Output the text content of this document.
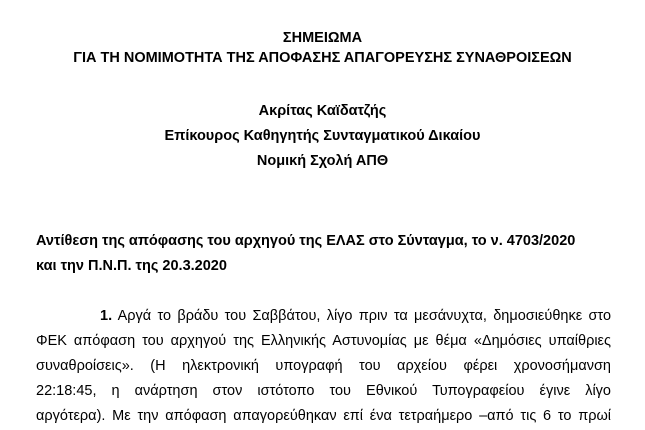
ΣΗΜΕΙΩΜΑ
ΓΙΑ ΤΗ ΝΟΜΙΜΟΤΗΤΑ ΤΗΣ ΑΠΟΦΑΣΗΣ ΑΠΑΓΟΡΕΥΣΗΣ ΣΥΝΑΘΡΟΙΣΕΩΝ
Ακρίτας Καϊδατζής
Επίκουρος Καθηγητής Συνταγματικού Δικαίου
Νομική Σχολή ΑΠΘ
Αντίθεση της απόφασης του αρχηγού της ΕΛΑΣ στο Σύνταγμα, το ν. 4703/2020
και την Π.Ν.Π. της 20.3.2020
1. Αργά το βράδυ του Σαββάτου, λίγο πριν τα μεσάνυχτα, δημοσιεύθηκε στο
ΦΕΚ απόφαση του αρχηγού της Ελληνικής Αστυνομίας με θέμα «Δημόσιες υπαίθριες
συναθροίσεις». (Η ηλεκτρονική υπογραφή του αρχείου φέρει χρονοσήμανση
22:18:45, η ανάρτηση στον ιστότοπο του Εθνικού Τυπογραφείου έγινε λίγο
αργότερα). Με την απόφαση απαγορεύθηκαν επί ένα τετραήμερο –από τις 6 το πρωί
